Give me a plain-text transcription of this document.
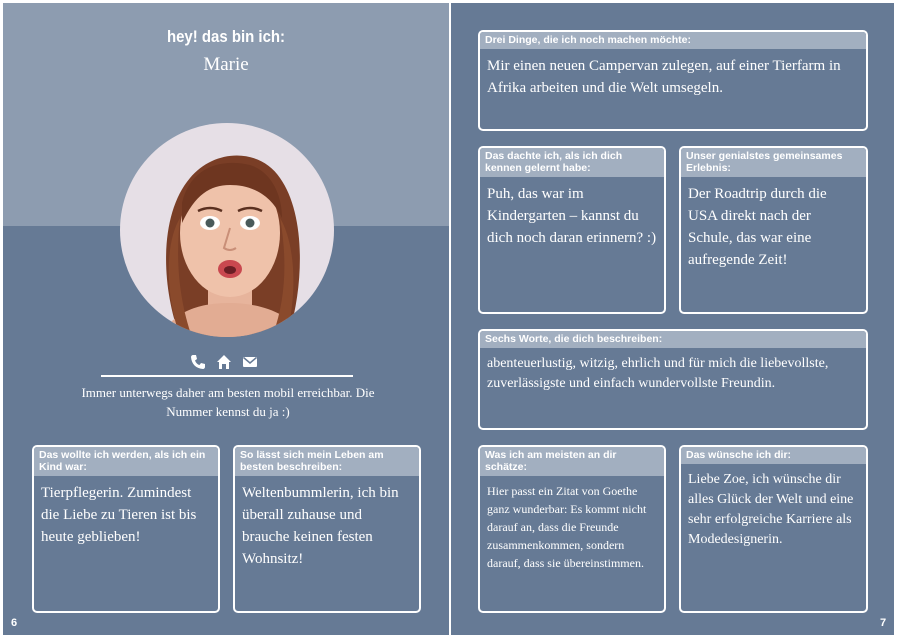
hey! das bin ich:
Marie
Immer unterwegs daher am besten mobil erreichbar. Die Nummer kennst du ja :)
Das wollte ich werden, als ich ein Kind war:
Tierpflegerin. Zumindest die Liebe zu Tieren ist bis heute geblieben!
So lässt sich mein Leben am besten beschreiben:
Weltenbummlerin, ich bin überall zuhause und brauche keinen festen Wohnsitz!
6
Drei Dinge, die ich noch machen möchte:
Mir einen neuen Campervan zulegen, auf einer Tierfarm in Afrika arbeiten und die Welt umsegeln.
Das dachte ich, als ich dich kennen gelernt habe:
Puh, das war im Kindergarten – kannst du dich noch daran erinnern? :)
Unser genialstes gemeinsames Erlebnis:
Der Roadtrip durch die USA direkt nach der Schule, das war eine aufregende Zeit!
Sechs Worte, die dich beschreiben:
abenteuerlustig, witzig, ehrlich und für mich die liebevollste, zuverlässigste und einfach wundervollste Freundin.
Was ich am meisten an dir schätze:
Hier passt ein Zitat von Goethe ganz wunderbar: Es kommt nicht darauf an, dass die Freunde zusammenkommen, sondern darauf, dass sie übereinstimmen.
Das wünsche ich dir:
Liebe Zoe, ich wünsche dir alles Glück der Welt und eine sehr erfolgreiche Karriere als Modedesignerin.
7
